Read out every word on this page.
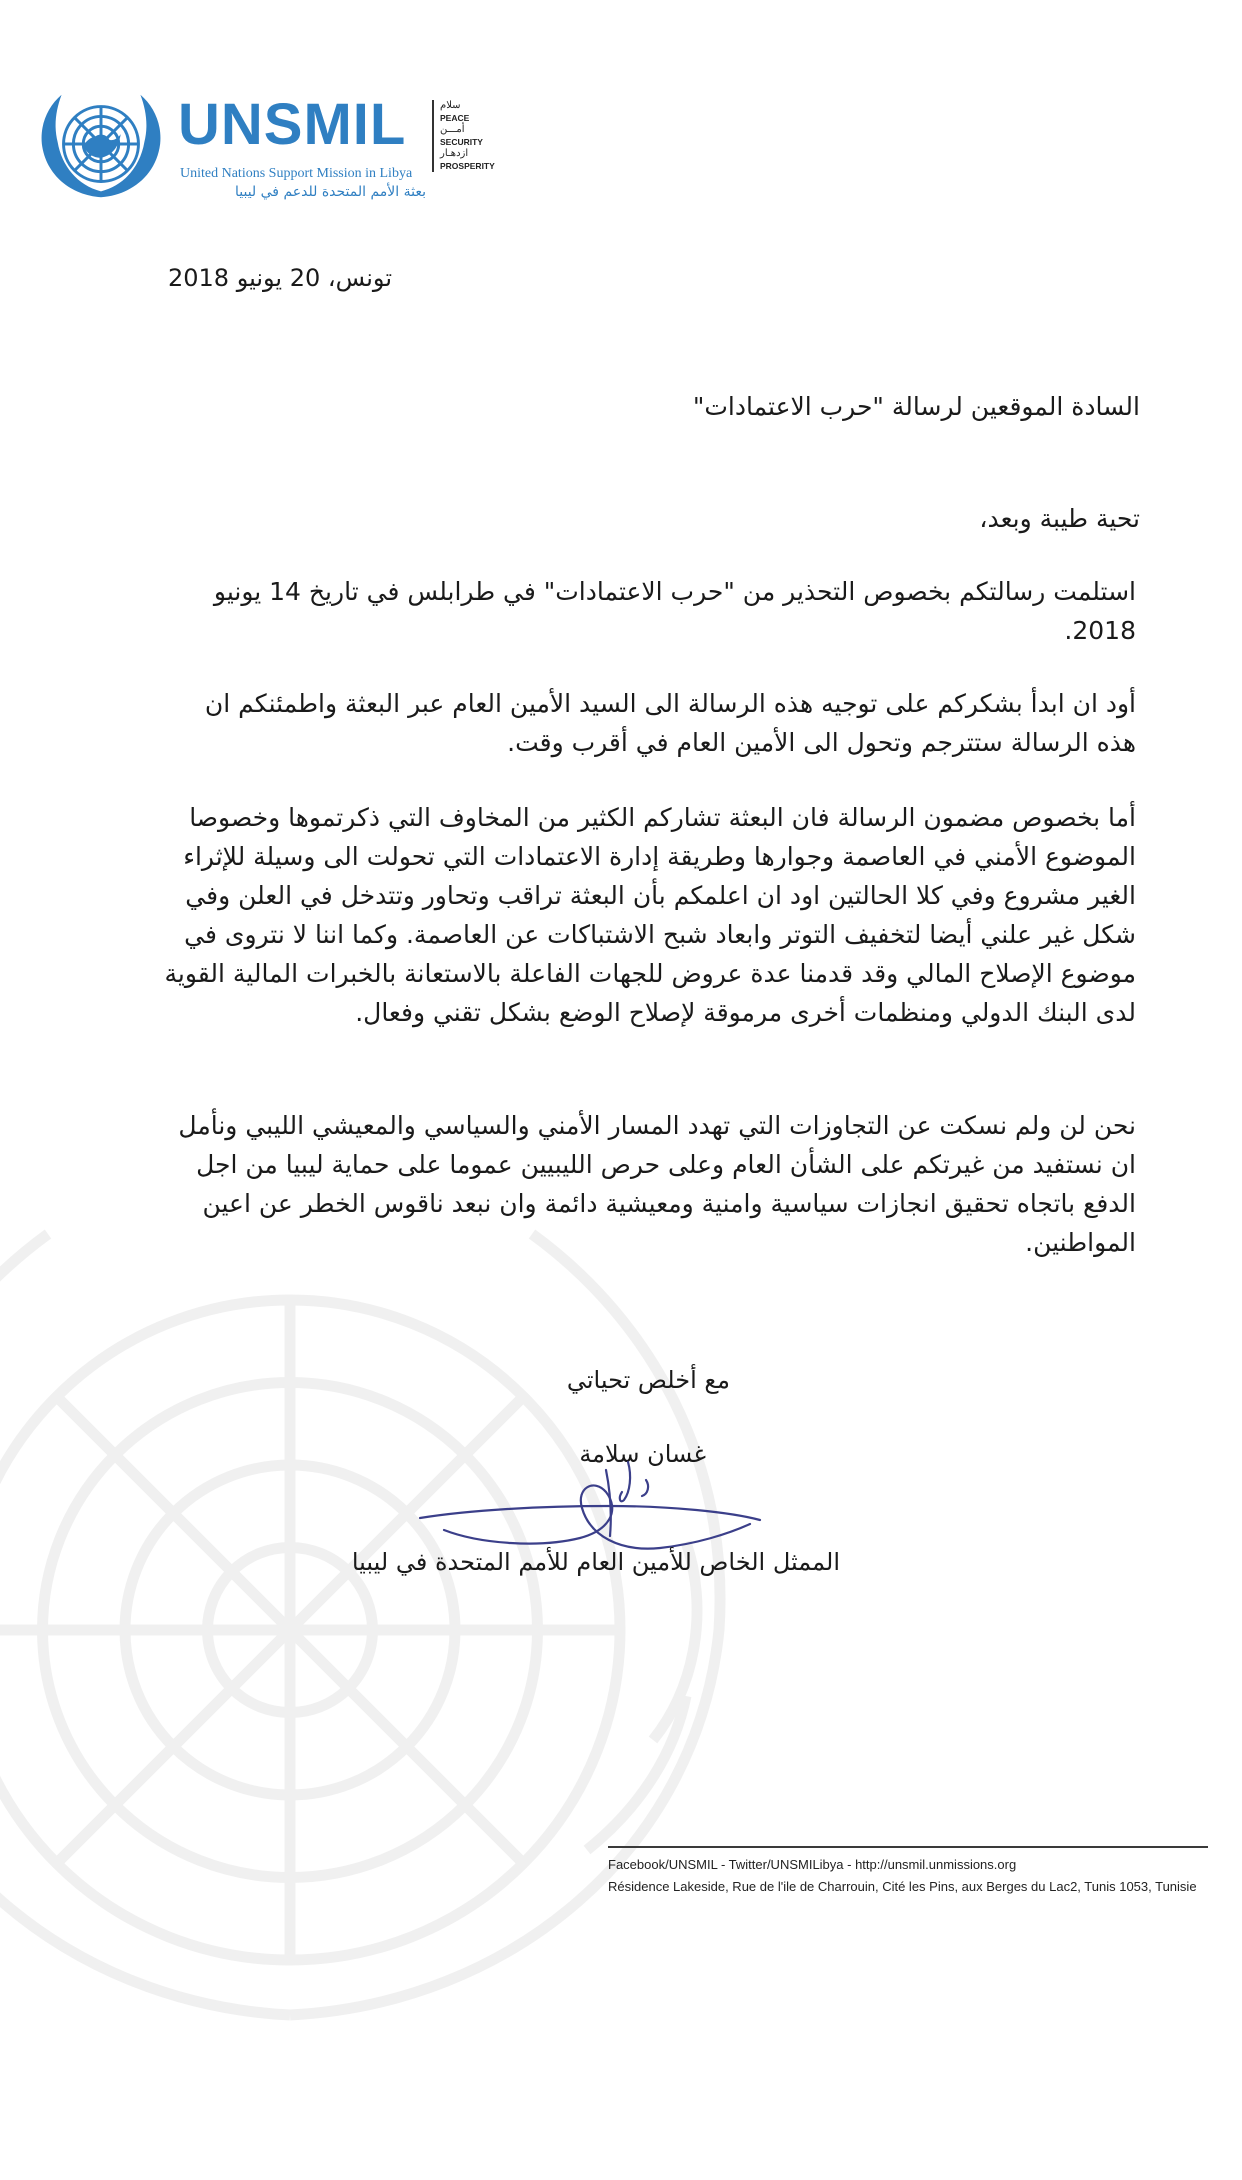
UNSMIL
United Nations Support Mission in Libya
بعثة الأمم المتحدة للدعم في ليبيا
سلام
PEACE
أمـــن
SECURITY
ازدهـار
PROSPERITY
تونس، 20 يونيو 2018
السادة الموقعين لرسالة "حرب الاعتمادات"
تحية طيبة وبعد،

استلمت رسالتكم بخصوص التحذير من "حرب الاعتمادات" في طرابلس في تاريخ 14 يونيو 2018.

أود ان ابدأ بشكركم على توجيه هذه الرسالة الى السيد الأمين العام عبر البعثة واطمئنكم ان هذه الرسالة ستترجم وتحول الى الأمين العام في أقرب وقت.

أما بخصوص مضمون الرسالة فان البعثة تشاركم الكثير من المخاوف التي ذكرتموها وخصوصا الموضوع الأمني في العاصمة وجوارها وطريقة إدارة الاعتمادات التي تحولت الى وسيلة للإثراء الغير مشروع وفي كلا الحالتين اود ان اعلمكم بأن البعثة تراقب وتحاور وتتدخل في العلن وفي شكل غير علني أيضا لتخفيف التوتر وابعاد شبح الاشتباكات عن العاصمة. وكما اننا لا نتروى في موضوع الإصلاح المالي وقد قدمنا عدة عروض للجهات الفاعلة بالاستعانة بالخبرات المالية القوية لدى البنك الدولي ومنظمات أخرى مرموقة لإصلاح الوضع بشكل تقني وفعال.

نحن لن ولم نسكت عن التجاوزات التي تهدد المسار الأمني والسياسي والمعيشي الليبي ونأمل ان نستفيد من غيرتكم على الشأن العام وعلى حرص الليبيين عموما على حماية ليبيا من اجل الدفع باتجاه تحقيق انجازات سياسية وامنية ومعيشية دائمة وان نبعد ناقوس الخطر عن اعين المواطنين.

مع أخلص تحياتي
غسان سلامة
الممثل الخاص للأمين العام للأمم المتحدة في ليبيا
Facebook/UNSMIL - Twitter/UNSMILibya - http://unsmil.unmissions.org
Résidence Lakeside, Rue de l'ile de Charrouin, Cité les Pins, aux Berges du Lac2, Tunis 1053, Tunisie
